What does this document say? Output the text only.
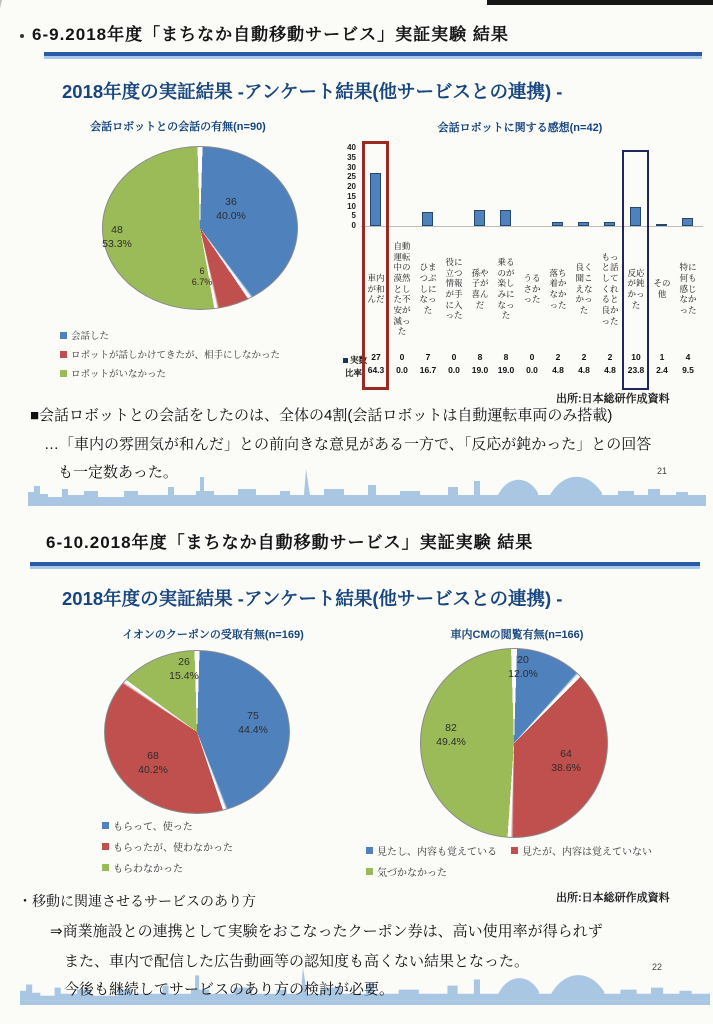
6-9.2018年度「まちなか自動移動サービス」実証実験 結果
2018年度の実証結果 -アンケート結果(他サービスとの連携) -
会話ロボットとの会話の有無(n=90)
36
40.0%
6
6.7%
48
53.3%
会話した
ロボットが話しかけてきたが、相手にしなかった
ロボットがいなかった
会話ロボットに関する感想(n=42)
40
35
30
25
20
15
10
5
0
車内が和んだ
27
64.3
自動運転中の漠然とした不安が減った
0
0.0
ひまつぶしになった
7
16.7
役に立つ情報が手に入った
0
0.0
孫や子が喜んだ
8
19.0
乗るのが楽しみになった
8
19.0
うるさかった
0
0.0
落ち着かなかった
2
4.8
良く聞こえなかった
2
4.8
もっと話してくれると良かった
2
4.8
反応が鈍かった
10
23.8
その他
1
2.4
特に何も感じなかった
4
9.5
実数
比率
出所:日本総研作成資料
■会話ロボットとの会話をしたのは、全体の4割(会話ロボットは自動運転車両のみ搭載)
…「車内の雰囲気が和んだ」との前向きな意見がある一方で、「反応が鈍かった」との回答
も一定数あった。	21
6-10.2018年度「まちなか自動移動サービス」実証実験 結果
2018年度の実証結果 -アンケート結果(他サービスとの連携) -
イオンのクーポンの受取有無(n=169)
75
44.4%
68
40.2%
26
15.4%
もらって、使った
もらったが、使わなかった
もらわなかった
車内CMの閲覧有無(n=166)
20
12.0%
64
38.6%
82
49.4%
見たし、内容も覚えている	見たが、内容は覚えていない
気づかなかった
出所:日本総研作成資料
・移動に関連させるサービスのあり方
⇒商業施設との連携として実験をおこなったクーポン券は、高い使用率が得られず
また、車内で配信した広告動画等の認知度も高くない結果となった。
今後も継続してサービスのあり方の検討が必要。
22
